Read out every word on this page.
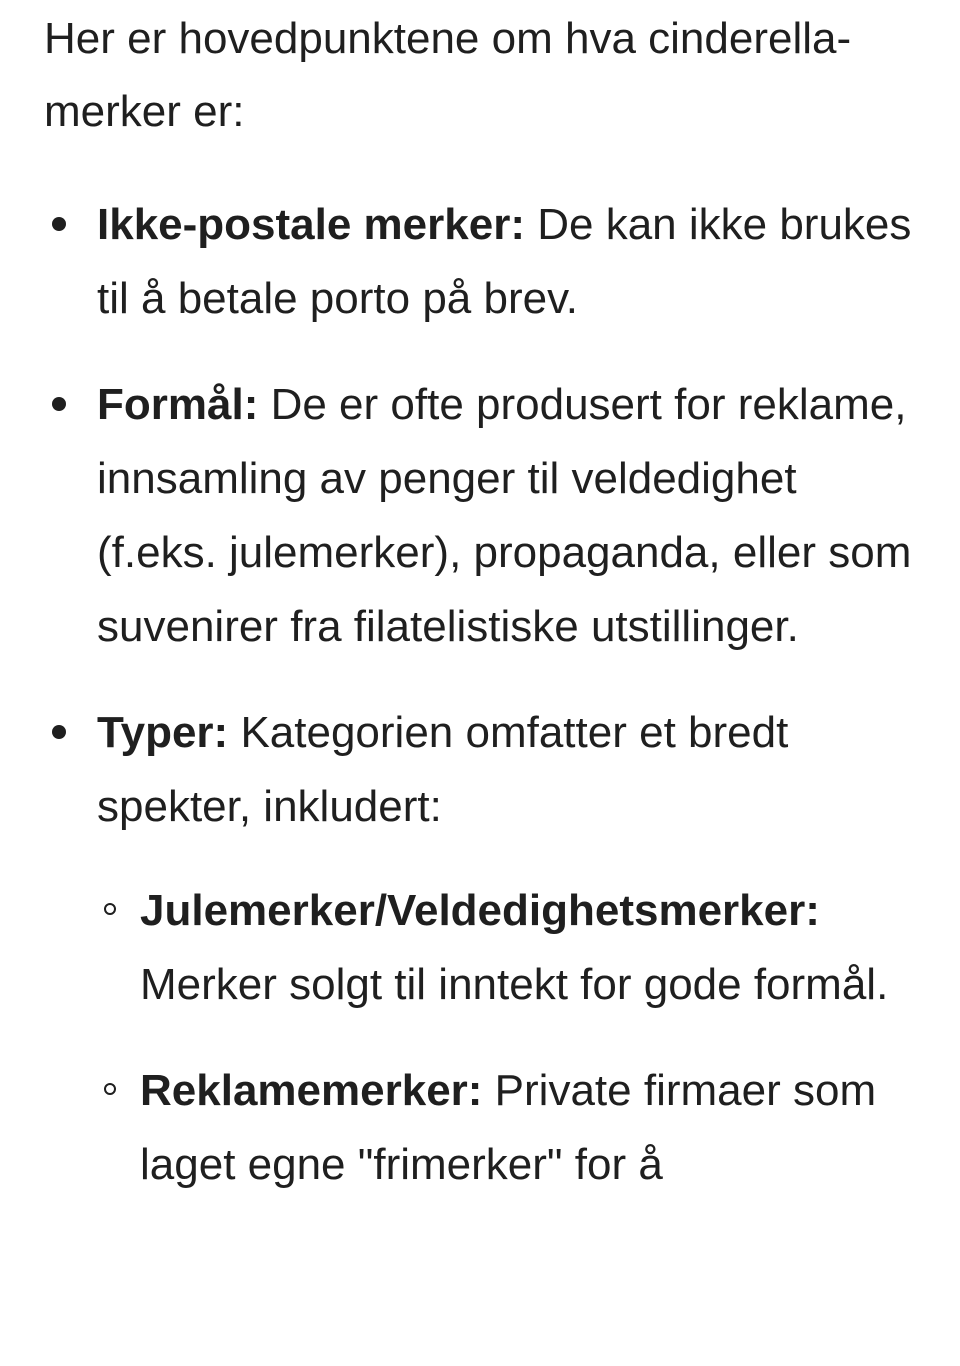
Her er hovedpunktene om hva cinderella-merker er:

Ikke-postale merker: De kan ikke brukes til å betale porto på brev.
Formål: De er ofte produsert for reklame, innsamling av penger til veldedighet (f.eks. julemerker), propaganda, eller som suvenirer fra filatelistiske utstillinger.
Typer: Kategorien omfatter et bredt spekter, inkludert:
Julemerker/Veldedighetsmerker: Merker solgt til inntekt for gode formål.
Reklamemerker: Private firmaer som laget egne "frimerker" for å
